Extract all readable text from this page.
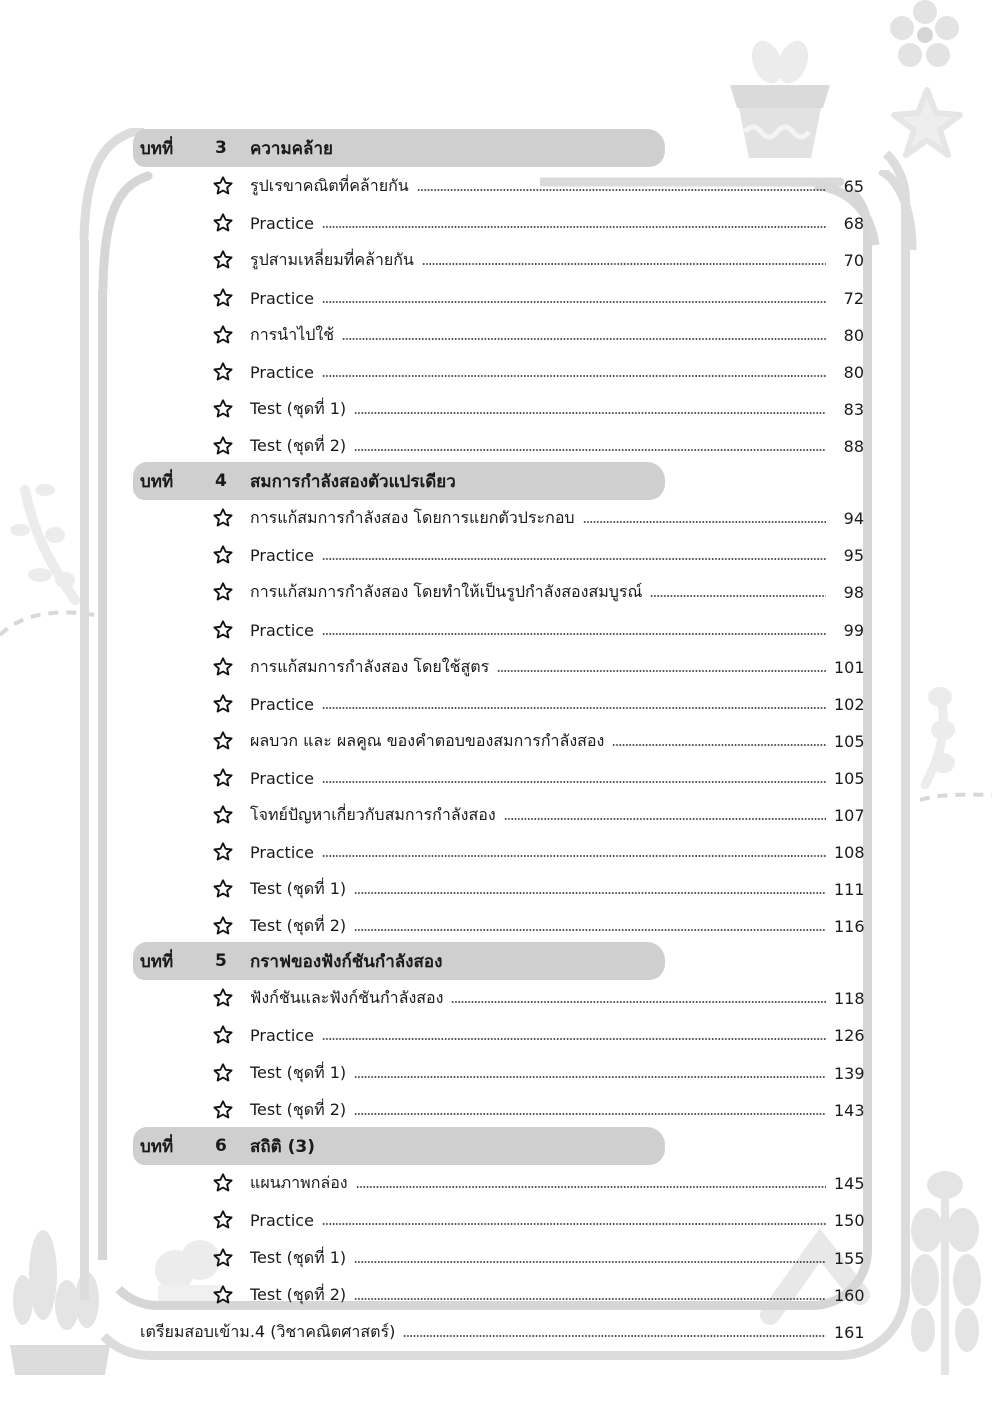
บทที่ 3 ความคล้าย
รูปเรขาคณิตที่คล้ายกัน	65
Practice	68
รูปสามเหลี่ยมที่คล้ายกัน	70
Practice	72
การนำไปใช้	80
Practice	80
Test (ชุดที่ 1)	83
Test (ชุดที่ 2)	88
บทที่ 4 สมการกำลังสองตัวแปรเดียว
การแก้สมการกำลังสอง โดยการแยกตัวประกอบ	94
Practice	95
การแก้สมการกำลังสอง โดยทำให้เป็นรูปกำลังสองสมบูรณ์	98
Practice	99
การแก้สมการกำลังสอง โดยใช้สูตร	101
Practice	102
ผลบวก และ ผลคูณ ของคำตอบของสมการกำลังสอง	105
Practice	105
โจทย์ปัญหาเกี่ยวกับสมการกำลังสอง	107
Practice	108
Test (ชุดที่ 1)	111
Test (ชุดที่ 2)	116
บทที่ 5 กราฟของฟังก์ชันกำลังสอง
ฟังก์ชันและฟังก์ชันกำลังสอง	118
Practice	126
Test (ชุดที่ 1)	139
Test (ชุดที่ 2)	143
บทที่ 6 สถิติ (3)
แผนภาพกล่อง	145
Practice	150
Test (ชุดที่ 1)	155
Test (ชุดที่ 2)	160
เตรียมสอบเข้าม.4 (วิชาคณิตศาสตร์)	161
